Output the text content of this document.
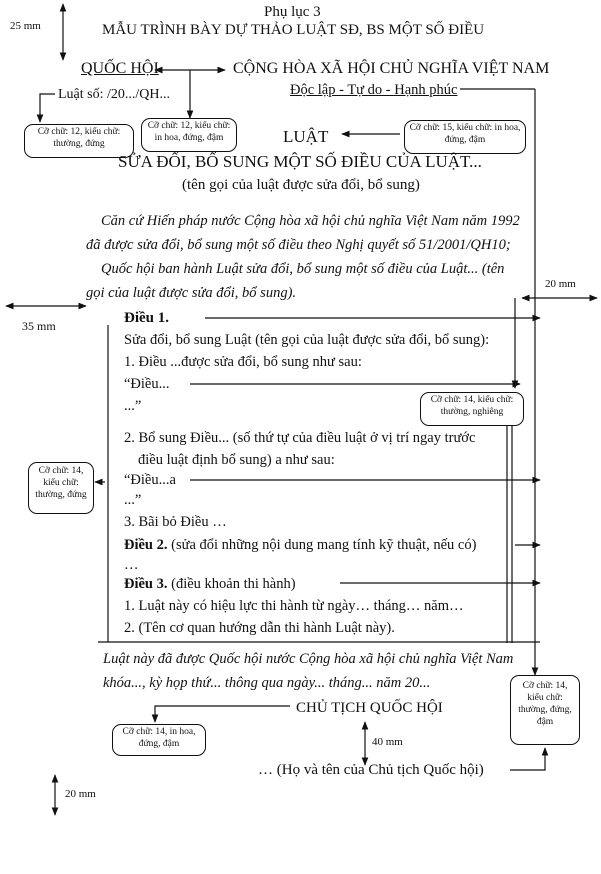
Phụ lục 3
MẪU TRÌNH BÀY DỰ THẢO LUẬT SĐ, BS MỘT SỐ ĐIỀU
25 mm
35 mm
20 mm
20 mm
40 mm
QUỐC HỘI
Luật số: /20.../QH...
CỘNG HÒA XÃ HỘI CHỦ NGHĨA VIỆT NAM
Độc lập - Tự do - Hạnh phúc
Cỡ chữ: 12, kiểu chữ: thường, đứng
Cỡ chữ: 12, kiểu chữ: in hoa, đứng, đậm
Cỡ chữ: 15, kiểu chữ: in hoa, đứng, đậm
Cỡ chữ: 14, kiểu chữ: thường, nghiêng
Cỡ chữ: 14, kiểu chữ: thường, đứng
Cỡ chữ: 14, kiểu chữ: thường, đứng, đậm
Cỡ chữ: 14, in hoa, đứng, đậm
LUẬT
SỬA ĐỔI, BỔ SUNG MỘT SỐ ĐIỀU CỦA LUẬT...
(tên gọi của luật được sửa đổi, bổ sung)
Căn cứ Hiến pháp nước Cộng hòa xã hội chủ nghĩa Việt Nam năm 1992
đã được sửa đổi, bổ sung một số điều theo Nghị quyết số 51/2001/QH10;
Quốc hội ban hành Luật sửa đổi, bổ sung một số điều của Luật... (tên
gọi của luật được sửa đổi, bổ sung).
Điều 1.
Sửa đổi, bổ sung Luật (tên gọi của luật được sửa đổi, bổ sung):
1. Điều ...được sửa đổi, bổ sung như sau:
“Điều...
...”
2. Bổ sung Điều... (số thứ tự của điều luật ở vị trí ngay trước
điều luật định bổ sung) a như sau:
“Điều...a
...”
3. Bãi bỏ Điều …
Điều 2. (sửa đổi những nội dung mang tính kỹ thuật, nếu có)
…
Điều 3. (điều khoản thi hành)
1. Luật này có hiệu lực thi hành từ ngày… tháng… năm…
2. (Tên cơ quan hướng dẫn thi hành Luật này).
Luật này đã được Quốc hội nước Cộng hòa xã hội chủ nghĩa Việt Nam
khóa..., kỳ họp thứ... thông qua ngày... tháng... năm 20...
CHỦ TỊCH QUỐC HỘI
… (Họ và tên của Chủ tịch Quốc hội)
